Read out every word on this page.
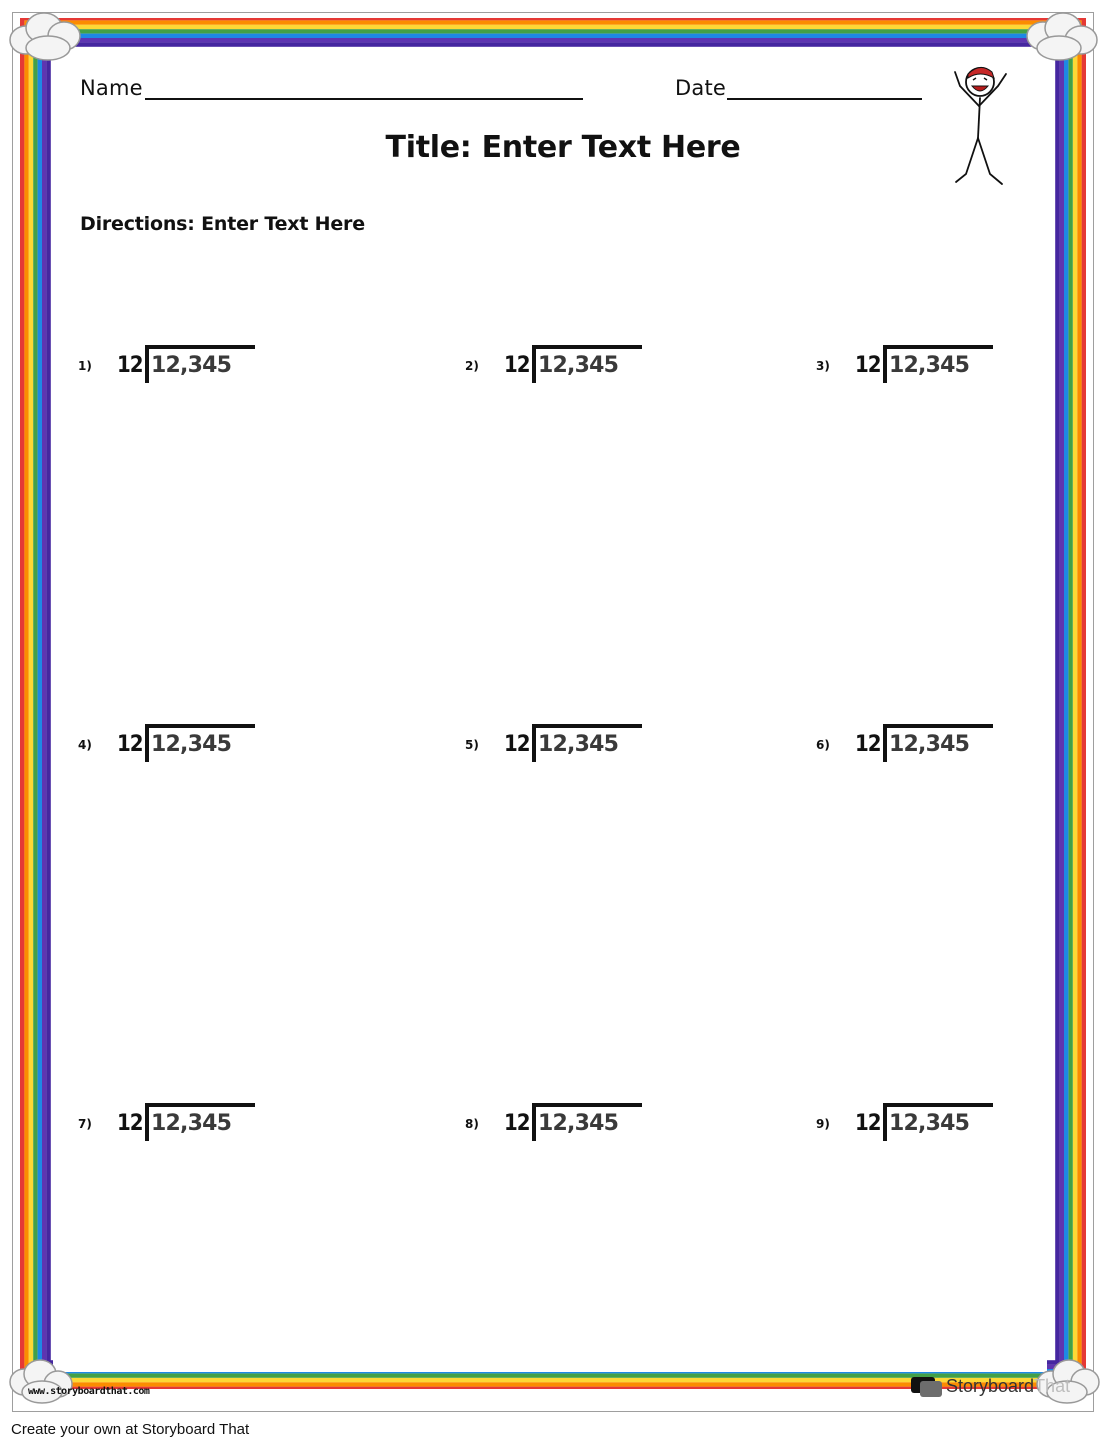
Name	Date
Title: Enter Text Here
Directions: Enter Text Here
1) 12 12,345	2) 12 12,345	3) 12 12,345
4) 12 12,345	5) 12 12,345	6) 12 12,345
7) 12 12,345	8) 12 12,345	9) 12 12,345
www.storyboardthat.com	StoryboardThat
Create your own at Storyboard That
